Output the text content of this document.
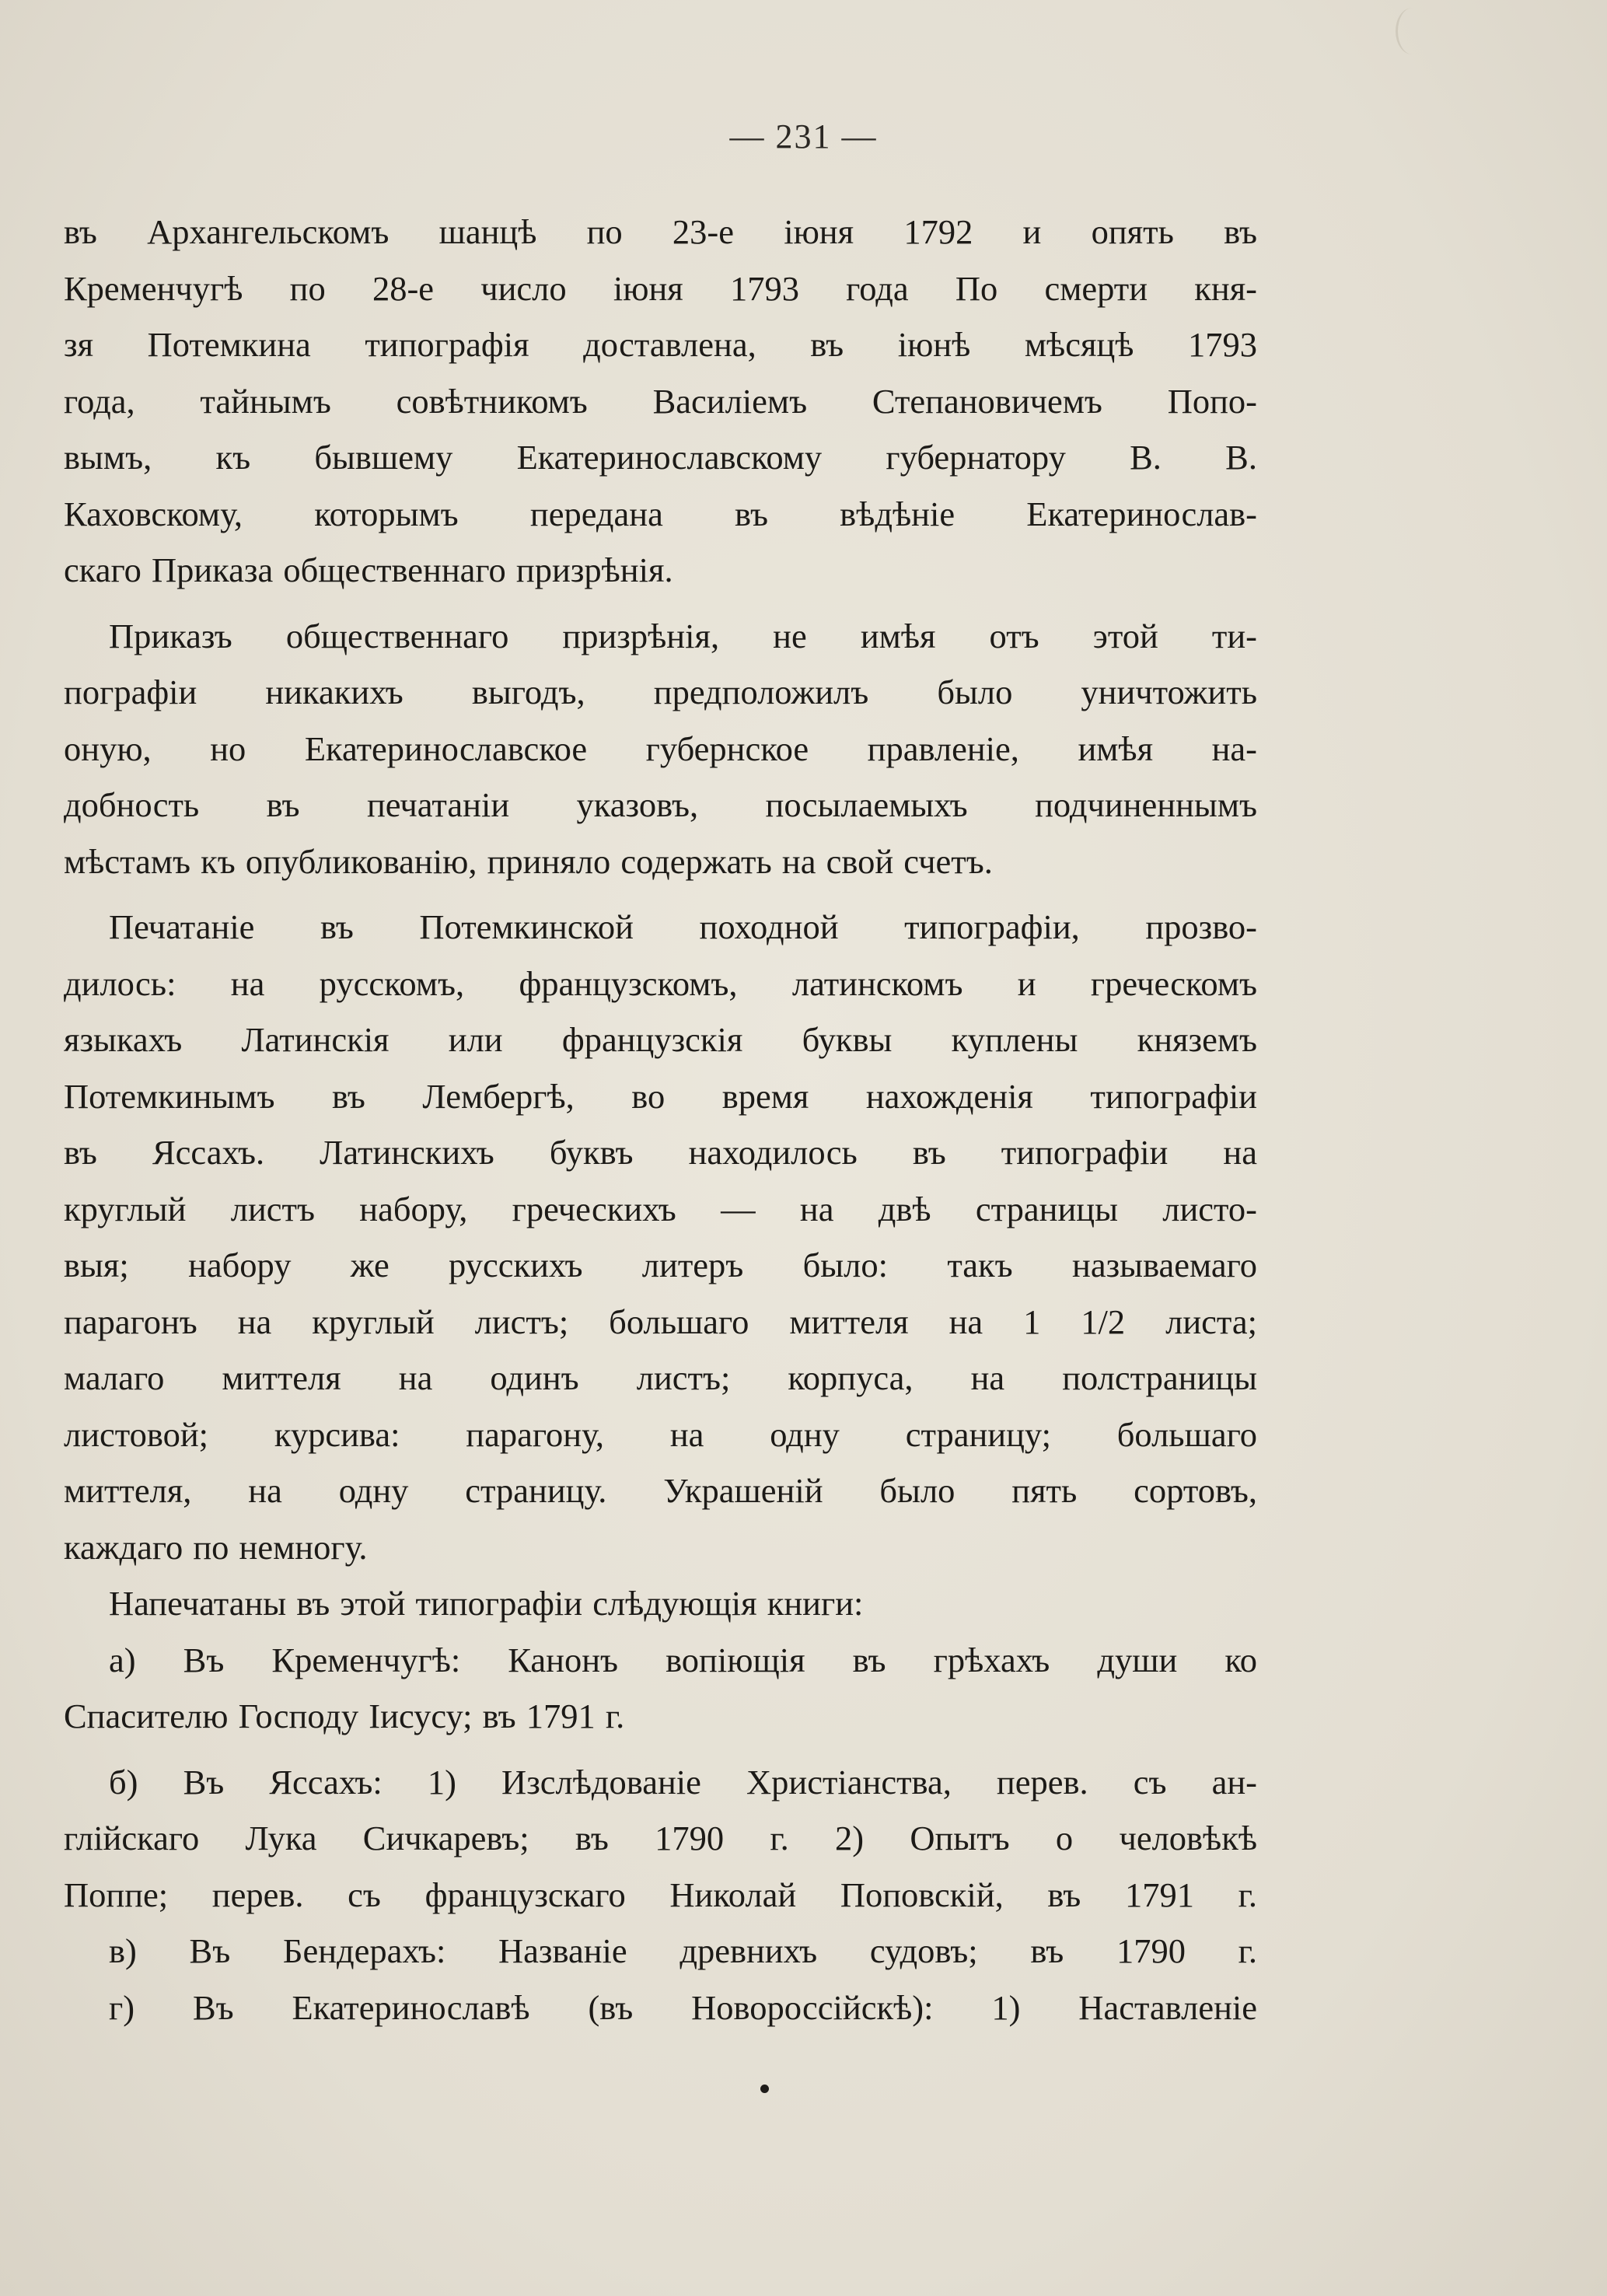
— 231 —
въ Архангельскомъ шанцѣ по 23-е іюня 1792 и опять въ
Кременчугѣ по 28-е число іюня 1793 года По смерти кня-
зя Потемкина типографія доставлена, въ іюнѣ мѣсяцѣ 1793
года, тайнымъ совѣтникомъ Василіемъ Степановичемъ Попо-
вымъ, къ бывшему Екатеринославскому губернатору В. В.
Каховскому, которымъ передана въ вѣдѣніе Екатеринослав-
скаго Приказа общественнаго призрѣнія.
Приказъ общественнаго призрѣнія, не имѣя отъ этой ти-
пографіи никакихъ выгодъ, предположилъ было уничтожить
оную, но Екатеринославское губернское правленіе, имѣя на-
добность въ печатаніи указовъ, посылаемыхъ подчиненнымъ
мѣстамъ къ опубликованію, приняло содержать на свой счетъ.
Печатаніе въ Потемкинской походной типографіи, прозво-
дилось: на русскомъ, французскомъ, латинскомъ и греческомъ
языкахъ Латинскія или французскія буквы куплены княземъ
Потемкинымъ въ Лембергѣ, во время нахожденія типографіи
въ Яссахъ. Латинскихъ буквъ находилось въ типографіи на
круглый листъ набору, греческихъ — на двѣ страницы листо-
выя; набору же русскихъ литеръ было: такъ называемаго
парагонъ на круглый листъ; большаго миттеля на 1 1/2 листа;
малаго миттеля на одинъ листъ; корпуса, на полстраницы
листовой; курсива: парагону, на одну страницу; большаго
миттеля, на одну страницу. Украшеній было пять сортовъ,
каждаго по немногу.
Напечатаны въ этой типографіи слѣдующія книги:
а) Въ Кременчугѣ: Канонъ вопіющія въ грѣхахъ души ко
Спасителю Господу Іисусу; въ 1791 г.
б) Въ Яссахъ: 1) Изслѣдованіе Христіанства, перев. съ ан-
глійскаго Лука Сичкаревъ; въ 1790 г. 2) Опытъ о человѣкѣ
Поппе; перев. съ французскаго Николай Поповскій, въ 1791 г.
в) Въ Бендерахъ: Названіе древнихъ судовъ; въ 1790 г.
г) Въ Екатеринославѣ (въ Новороссійскѣ): 1) Наставленіе
